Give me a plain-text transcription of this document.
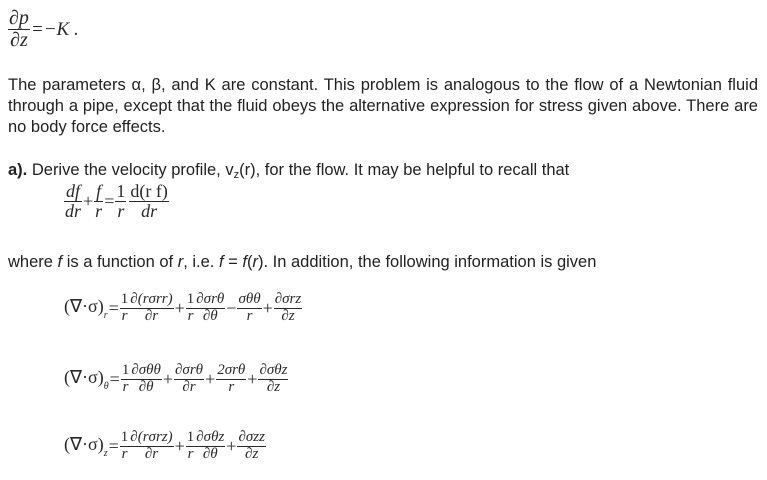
$\frac{\partial p}{\partial z} =-K$ .
The parameters α, β, and K are constant. This problem is analogous to the flow of a Newtonian fluid through a pipe, except that the fluid obeys the alternative expression for stress given above. There are no body force effects.
a). Derive the velocity profile, vz(r), for the flow. It may be helpful to recall that
$\frac{df}{dr} + \frac{f}{r} = \frac{1}{r} \frac{\text{d(r f)}}{dr}$
where f is a function of r, i.e. f = f(r). In addition, the following information is given
$(\nabla\cdot\sigma)_r= \frac{1}{r} \frac{\text{∂(rσrr)}}{\partial r} + \frac{1}{r} \frac{\text{∂σrθ}}{\partial\theta} - \frac{\text{σθθ}}{r} + \frac{\text{∂σrz}}{\partial z}$
$(\nabla\cdot\sigma)_\theta= \frac{1}{r} \frac{\text{∂σθθ}}{\partial\theta} + \frac{\text{∂σrθ}}{\partial r} + \frac{\text{2σrθ}}{r} + \frac{\text{∂σθz}}{\partial z}$
$(\nabla\cdot\sigma)_z= \frac{1}{r} \frac{\text{∂(rσrz)}}{\partial r} + \frac{1}{r} \frac{\text{∂σθz}}{\partial\theta} + \frac{\text{∂σzz}}{\partial z}$
